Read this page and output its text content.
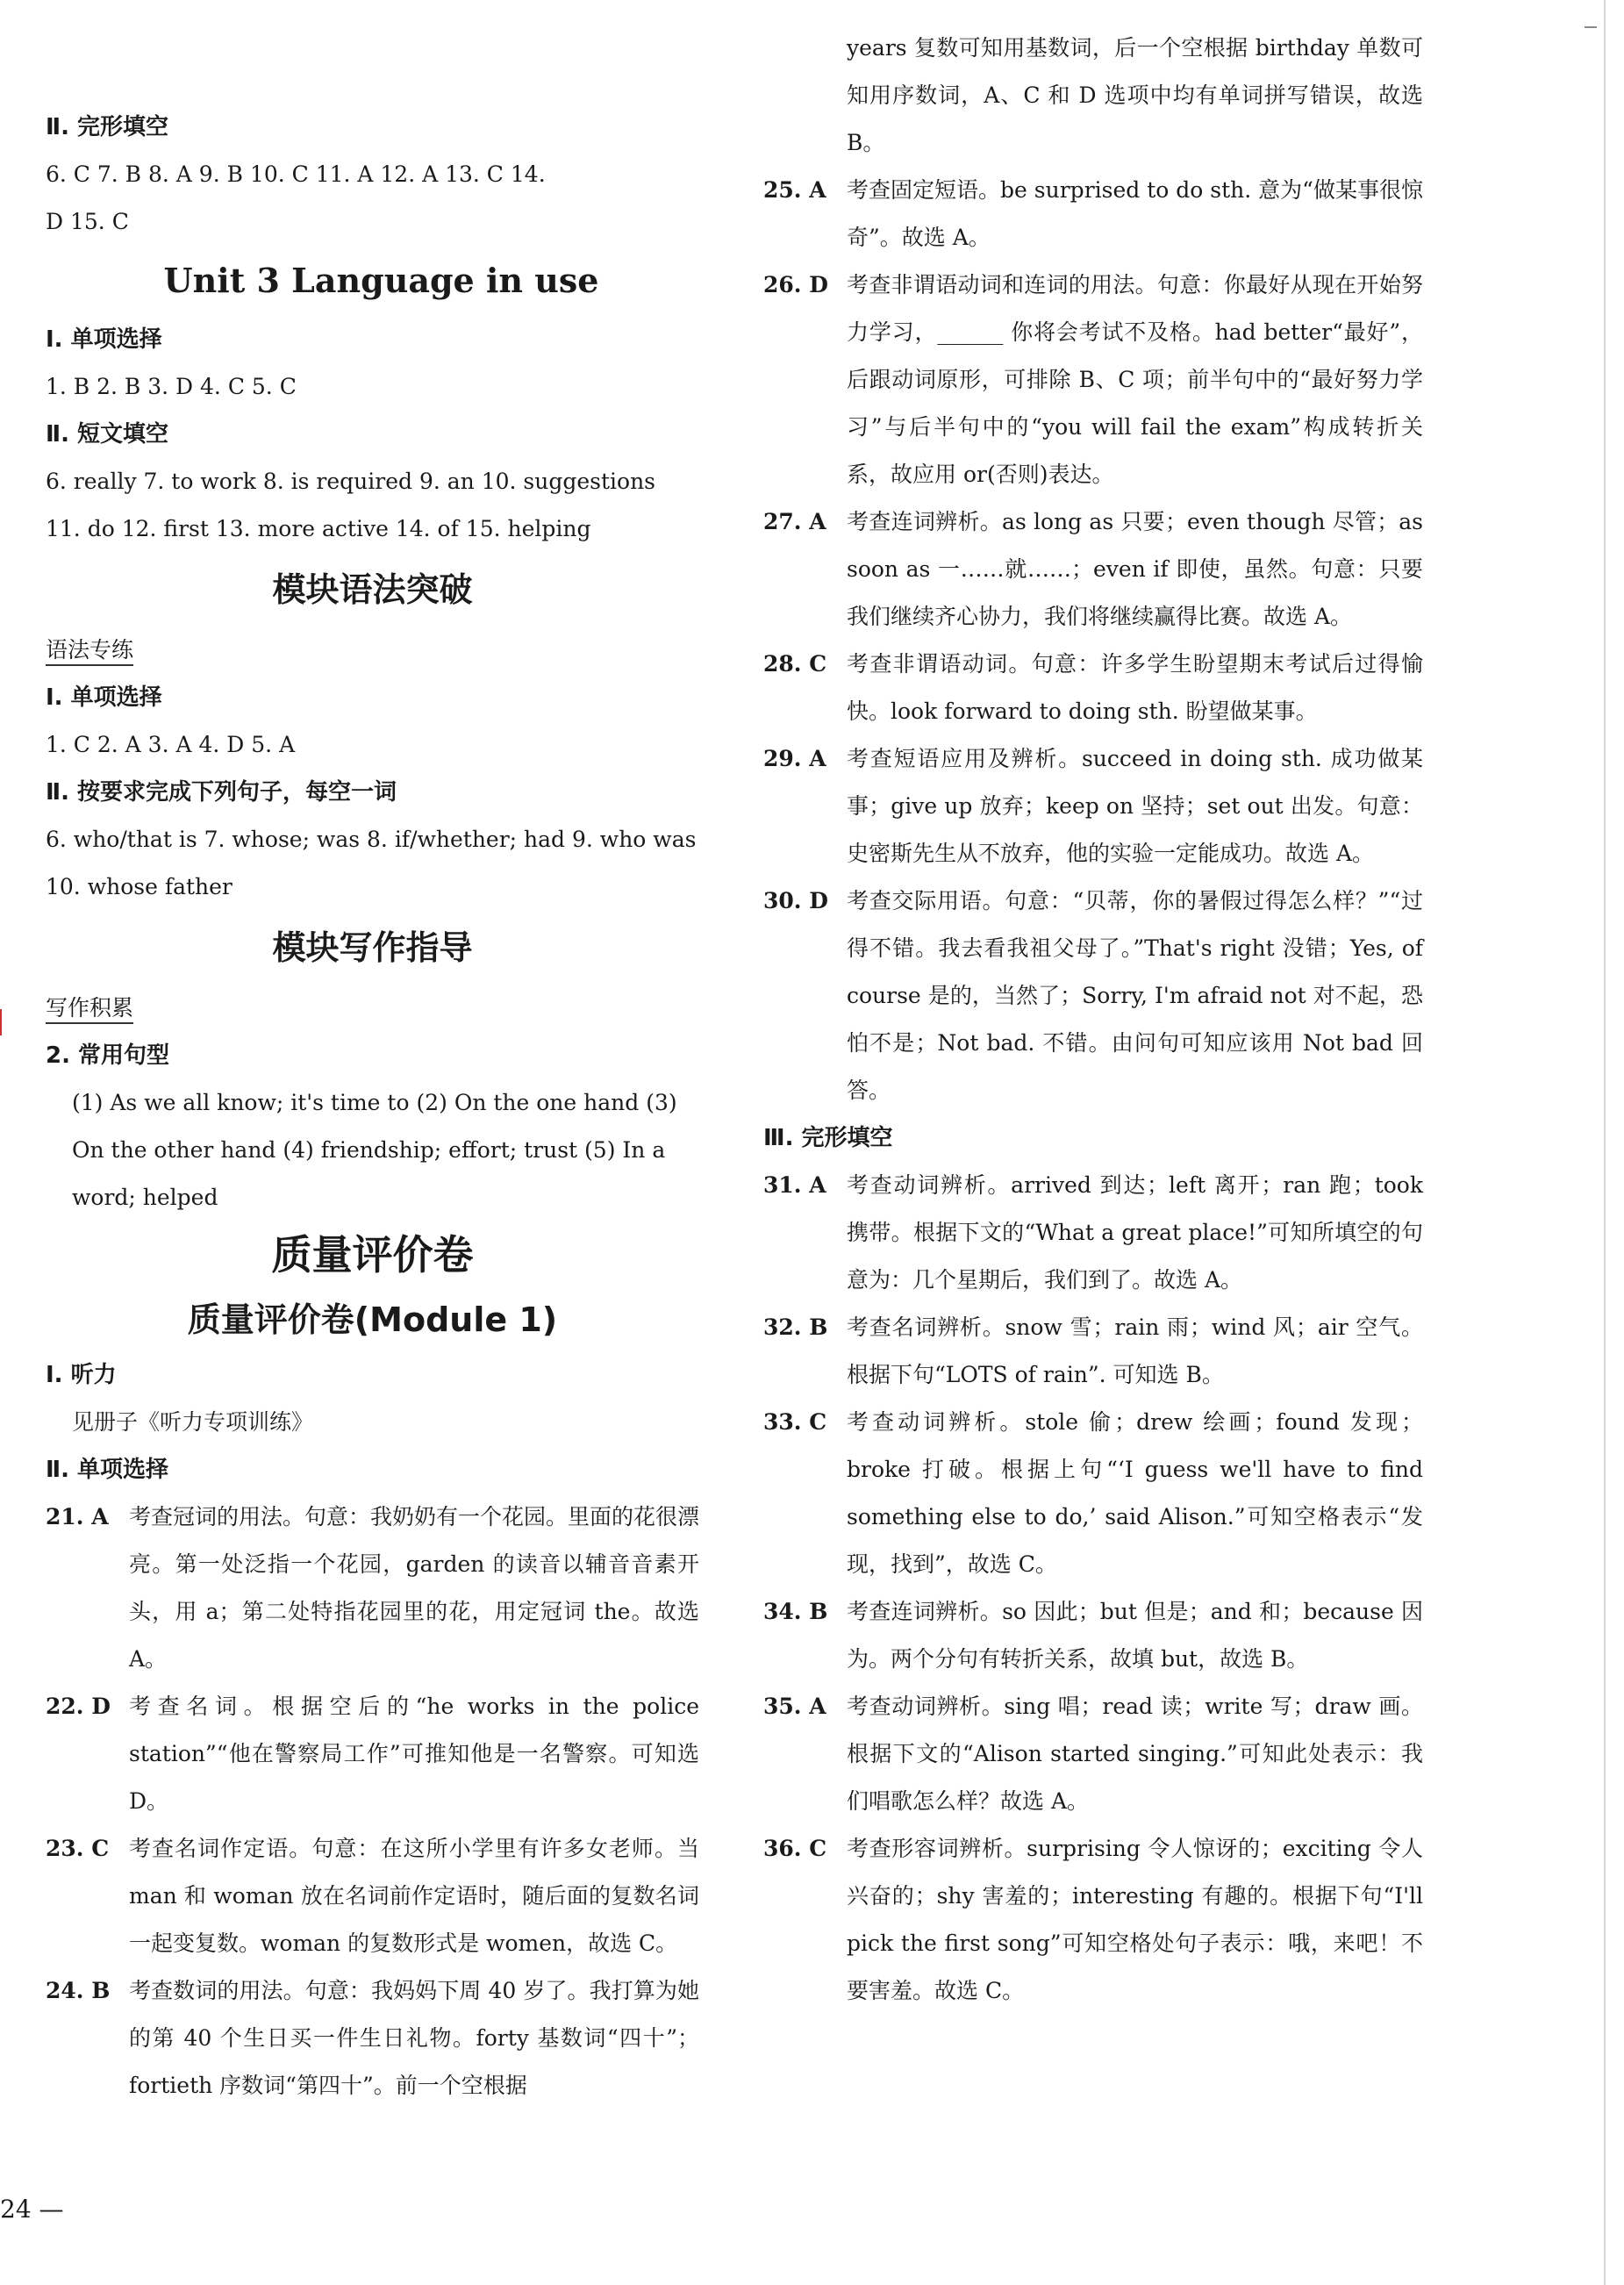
Ⅱ. 完形填空
6. C 7. B 8. A 9. B 10. C 11. A 12. A 13. C 14.
D 15. C
Unit 3 Language in use
Ⅰ. 单项选择
1. B 2. B 3. D 4. C 5. C
Ⅱ. 短文填空
6. really 7. to work 8. is required 9. an 10. suggestions
11. do 12. first 13. more active 14. of 15. helping
模块语法突破
语法专练
Ⅰ. 单项选择
1. C 2. A 3. A 4. D 5. A
Ⅱ. 按要求完成下列句子，每空一词
6. who/that is 7. whose; was 8. if/whether; had 9. who was
10. whose father
模块写作指导
写作积累
2. 常用句型
(1) As we all know; it's time to (2) On the one hand (3)
On the other hand (4) friendship; effort; trust (5) In a
word; helped
质量评价卷
质量评价卷(Module 1)
Ⅰ. 听力
见册子《听力专项训练》
Ⅱ. 单项选择
21. A 考查冠词的用法。句意：我奶奶有一个花园。里面的花很漂亮。第一处泛指一个花园，garden 的读音以辅音音素开头，用 a；第二处特指花园里的花，用定冠词 the。故选 A。
22. D 考查名词。根据空后的“he works in the police station”“他在警察局工作”可推知他是一名警察。可知选 D。
23. C 考查名词作定语。句意：在这所小学里有许多女老师。当 man 和 woman 放在名词前作定语时，随后面的复数名词一起变复数。woman 的复数形式是 women，故选 C。
24. B 考查数词的用法。句意：我妈妈下周 40 岁了。我打算为她的第 40 个生日买一件生日礼物。forty 基数词“四十”；fortieth 序数词“第四十”。前一个空根据
years 复数可知用基数词，后一个空根据 birthday 单数可知用序数词，A、C 和 D 选项中均有单词拼写错误，故选 B。
25. A 考查固定短语。be surprised to do sth. 意为“做某事很惊奇”。故选 A。
26. D 考查非谓语动词和连词的用法。句意：你最好从现在开始努力学习，______ 你将会考试不及格。had better“最好”，后跟动词原形，可排除 B、C 项；前半句中的“最好努力学习”与后半句中的“you will fail the exam”构成转折关系，故应用 or(否则)表达。
27. A 考查连词辨析。as long as 只要；even though 尽管；as soon as 一……就……；even if 即使，虽然。句意：只要我们继续齐心协力，我们将继续赢得比赛。故选 A。
28. C 考查非谓语动词。句意：许多学生盼望期末考试后过得愉快。look forward to doing sth. 盼望做某事。
29. A 考查短语应用及辨析。succeed in doing sth. 成功做某事；give up 放弃；keep on 坚持；set out 出发。句意：史密斯先生从不放弃，他的实验一定能成功。故选 A。
30. D 考查交际用语。句意：“贝蒂，你的暑假过得怎么样？”“过得不错。我去看我祖父母了。”That's right 没错；Yes, of course 是的，当然了；Sorry, I'm afraid not 对不起，恐怕不是；Not bad. 不错。由问句可知应该用 Not bad 回答。
Ⅲ. 完形填空
31. A 考查动词辨析。arrived 到达；left 离开；ran 跑；took 携带。根据下文的“What a great place!”可知所填空的句意为：几个星期后，我们到了。故选 A。
32. B 考查名词辨析。snow 雪；rain 雨；wind 风；air 空气。根据下句“LOTS of rain”. 可知选 B。
33. C 考查动词辨析。stole 偷；drew 绘画；found 发现；broke 打破。根据上句“‘I guess we'll have to find something else to do,’ said Alison.”可知空格表示“发现，找到”，故选 C。
34. B 考查连词辨析。so 因此；but 但是；and 和；because 因为。两个分句有转折关系，故填 but，故选 B。
35. A 考查动词辨析。sing 唱；read 读；write 写；draw 画。根据下文的“Alison started singing.”可知此处表示：我们唱歌怎么样？故选 A。
36. C 考查形容词辨析。surprising 令人惊讶的；exciting 令人兴奋的；shy 害羞的；interesting 有趣的。根据下句“I'll pick the first song”可知空格处句子表示：哦，来吧！不要害羞。故选 C。
24 —
